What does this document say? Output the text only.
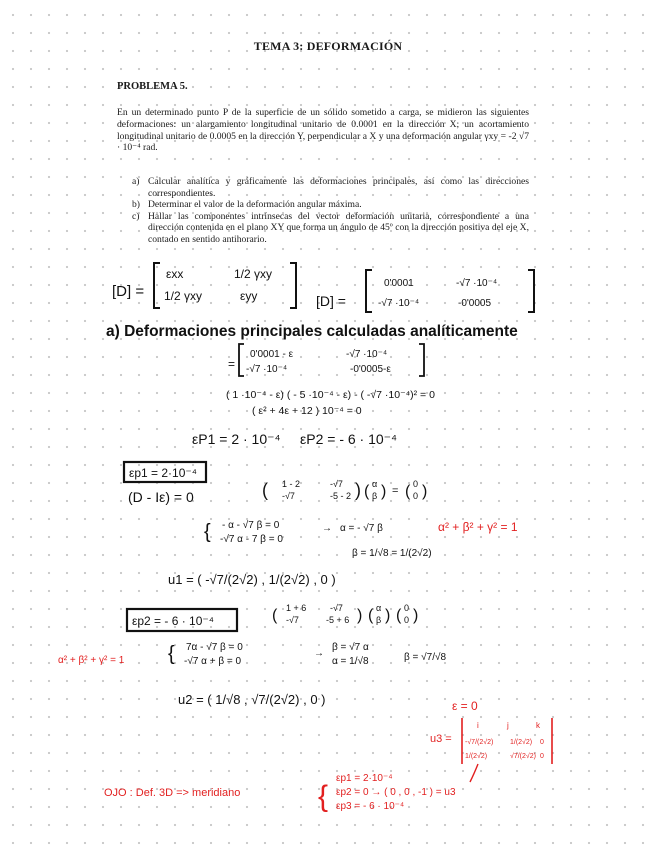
TEMA 3: DEFORMACIÓN
PROBLEMA 5.
En un determinado punto P de la superficie de un sólido sometido a carga, se midieron las siguientes deformaciones: un alargamiento longitudinal unitario de 0.0001 en la dirección X; un acortamiento longitudinal unitario de 0.0005 en la dirección Y, perpendicular a X y una deformación angular γxy = -2 √7 · 10⁻⁴ rad.
a) Calcular analítica y gráficamente las deformaciones principales, así como las direcciones correspondientes.
b) Determinar el valor de la deformación angular máxima.
c) Hallar las componentes intrínsecas del vector deformación unitaria, correspondiente a una dirección contenida en el plano XY que forma un ángulo de 45º con la dirección positiva del eje X, contado en sentido antihorario.
[D] =
εxx	1/2 γxy
1/2 γxy	εyy	[D] =
0'0001	-√7 ·10⁻⁴
-√7 ·10⁻⁴	-0'0005
a) Deformaciones principales calculadas analíticamente
=
0'0001 - ε	-√7 ·10⁻⁴
-√7 ·10⁻⁴	-0'0005-ε
( 1 ·10⁻⁴ - ε) ( - 5 ·10⁻⁴ - ε) - ( -√7 ·10⁻⁴)² = 0
( ε² + 4ε + 12 ) 10⁻⁴ = 0
εP1 = 2 · 10⁻⁴ εP2 = - 6 · 10⁻⁴
εp1 = 2·10⁻⁴
(D - Iε) = 0	(	)
1 - 2	-√7
-√7	-5 - 2 ( )
α
β = ( )
0
0
{ - α - √7 β = 0
-√7 α - 7 β = 0
→ α = - √7 β
β = 1/√8 = 1/(2√2)
u1 = ( -√7/(2√2) , 1/(2√2) , 0 )
εp2 = - 6 · 10⁻⁴	(	)
1 + 6	-√7
-√7	-5 + 6 ( )
α
β ( )
0
0
{ 7α - √7 β = 0
-√7 α + β = 0
→
β = √7 α
α = 1/√8	β = √7/√8
u2 = ( 1/√8 , √7/(2√2) , 0 )
α² + β² + γ² = 1
α² + β² + γ² = 1
ε = 0
u3 =
i	j	k
-√7/(2√2) 1/(2√2) 0
1/(2√2)	√7/(2√2) 0
OJO : Def. 3D => meridiano	{
εp1 = 2·10⁻⁴
εp2 = 0 → ( 0 , 0 , -1 ) = u3
εp3 = - 6 · 10⁻⁴
